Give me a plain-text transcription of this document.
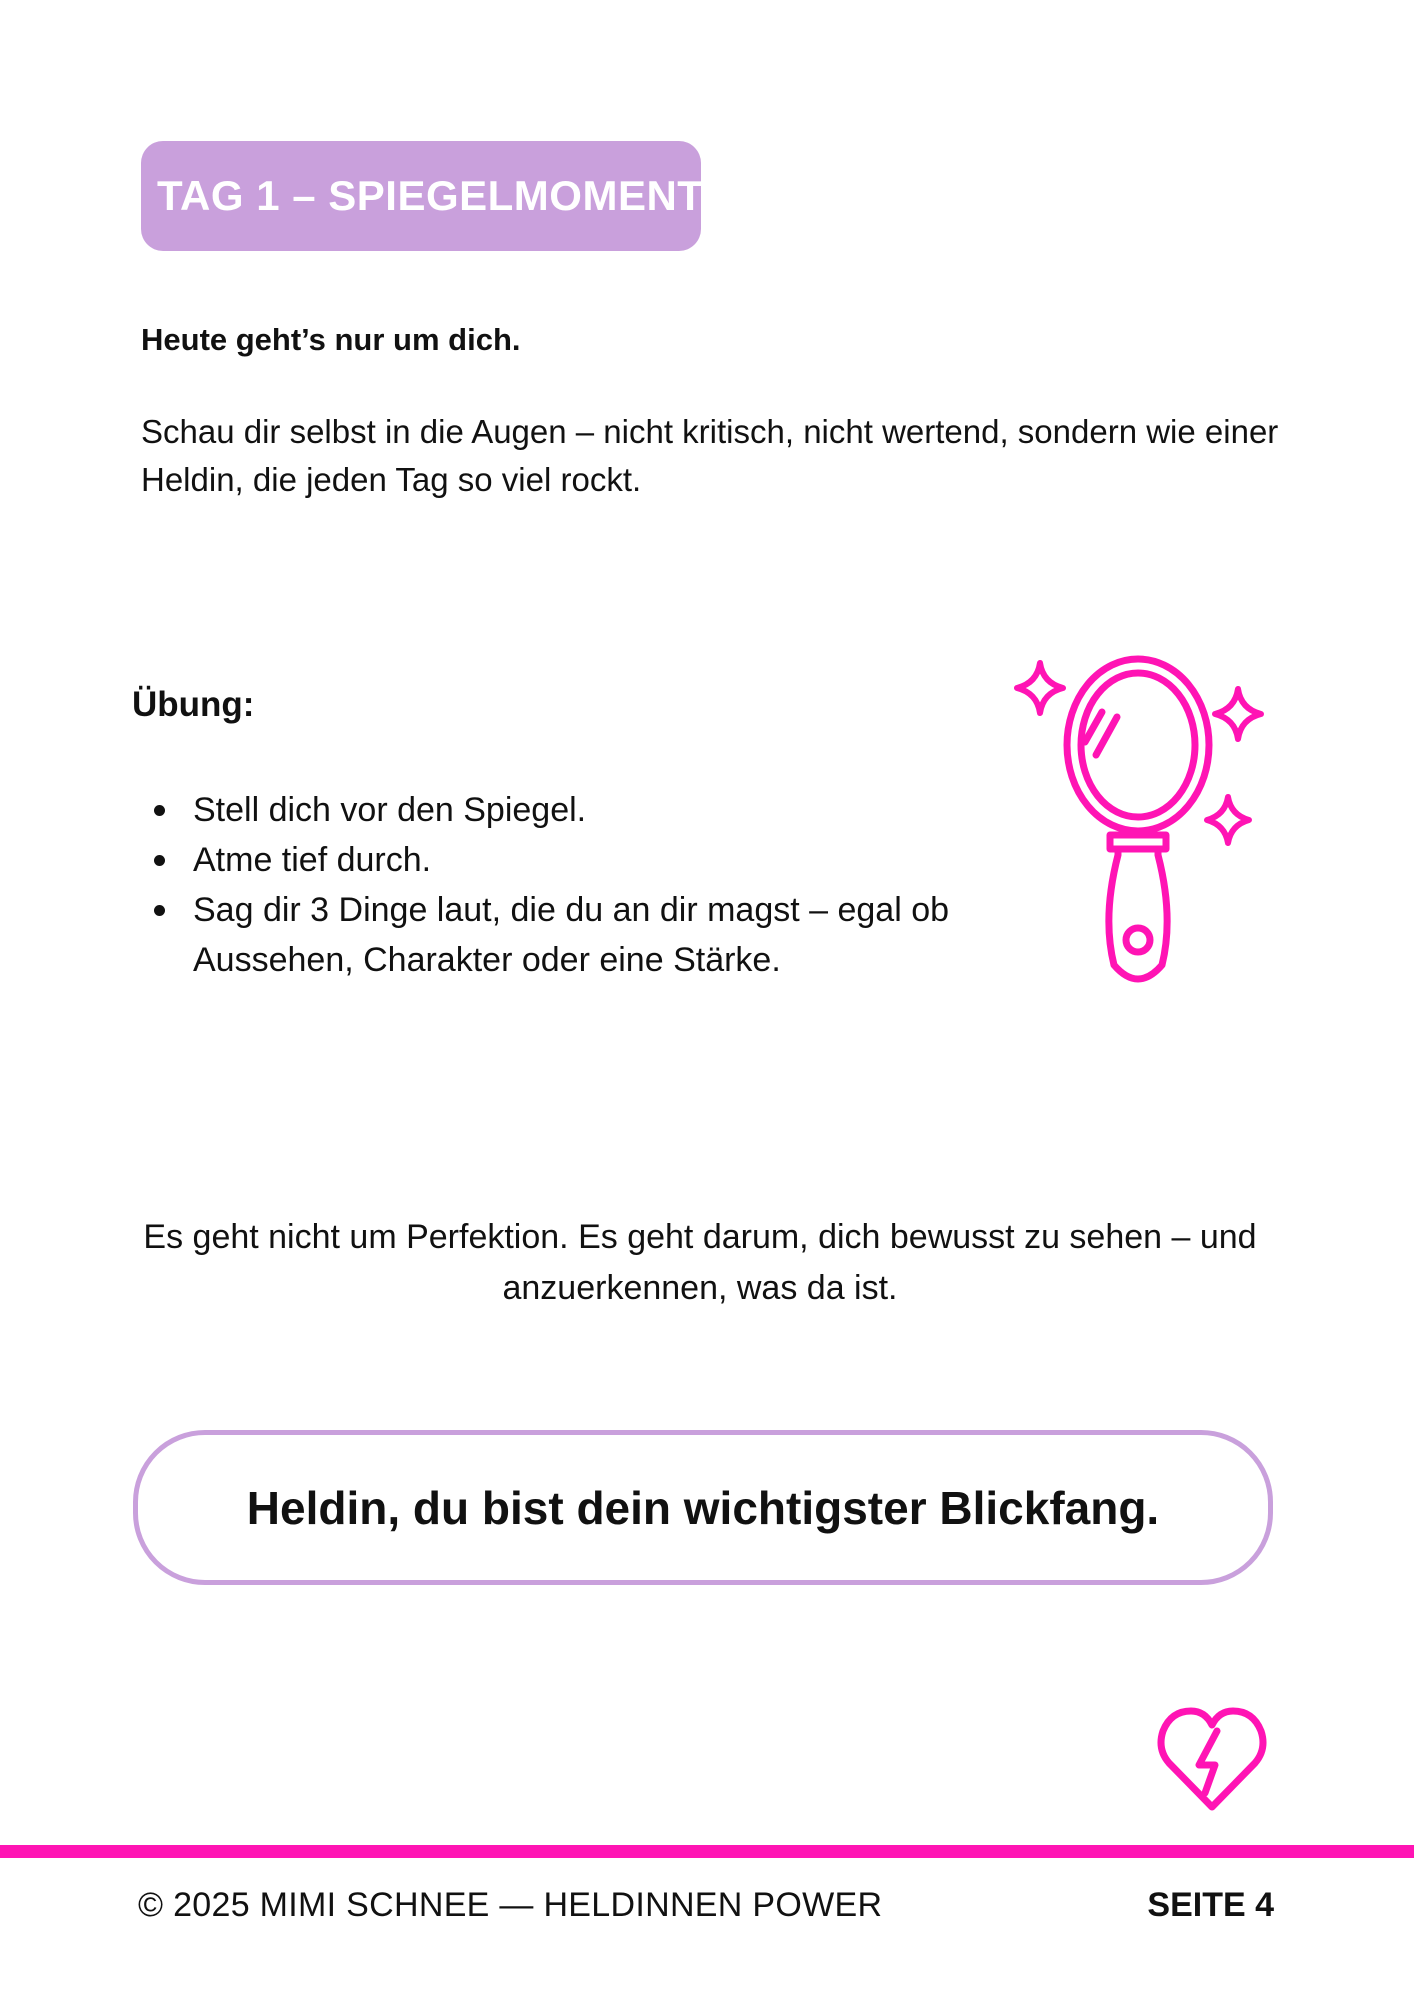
TAG 1 – SPIEGELMOMENT
Heute geht’s nur um dich.
Schau dir selbst in die Augen – nicht kritisch, nicht wertend, sondern wie einer Heldin, die jeden Tag so viel rockt.
Übung:
Stell dich vor den Spiegel.
Atme tief durch.
Sag dir 3 Dinge laut, die du an dir magst – egal ob Aussehen, Charakter oder eine Stärke.
Es geht nicht um Perfektion. Es geht darum, dich bewusst zu sehen – und anzuerkennen, was da ist.
Heldin, du bist dein wichtigster Blickfang.
© 2025 MIMI SCHNEE — HELDINNEN POWER	SEITE 4
